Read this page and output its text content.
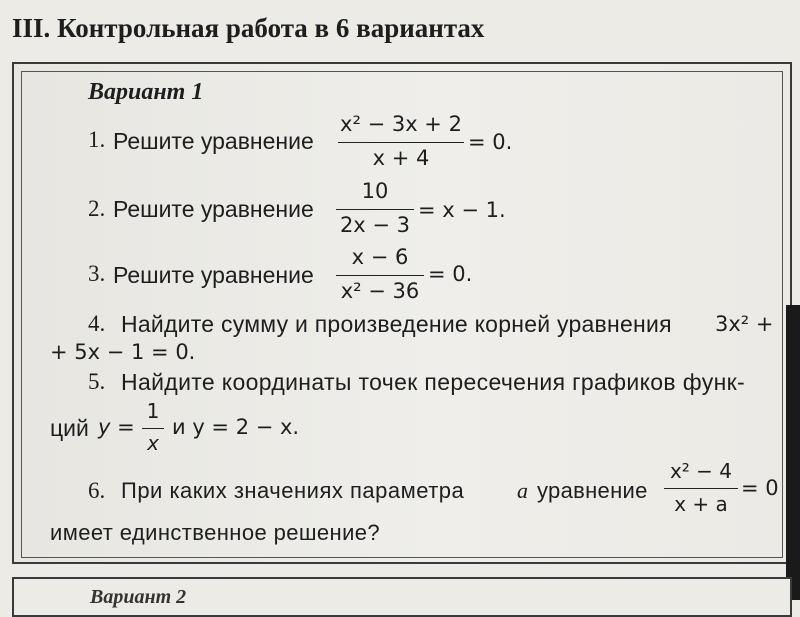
III. Контрольная работа в 6 вариантах
Вариант 1
1. Решите уравнение
x² − 3x + 2
x + 4
= 0.
2. Решите уравнение
10
2x − 3
= x − 1.
3. Решите уравнение
x − 6
x² − 36
= 0.
4. Найдите сумму и произведение корней уравнения 3x² +
+ 5x − 1 = 0.
5. Найдите координаты точек пересечения графиков функ-
ций y =
1
x
и y = 2 − x.
6. При каких значениях параметра a уравнение
x² − 4
x + a
= 0
имеет единственное решение?
Вариант 2
